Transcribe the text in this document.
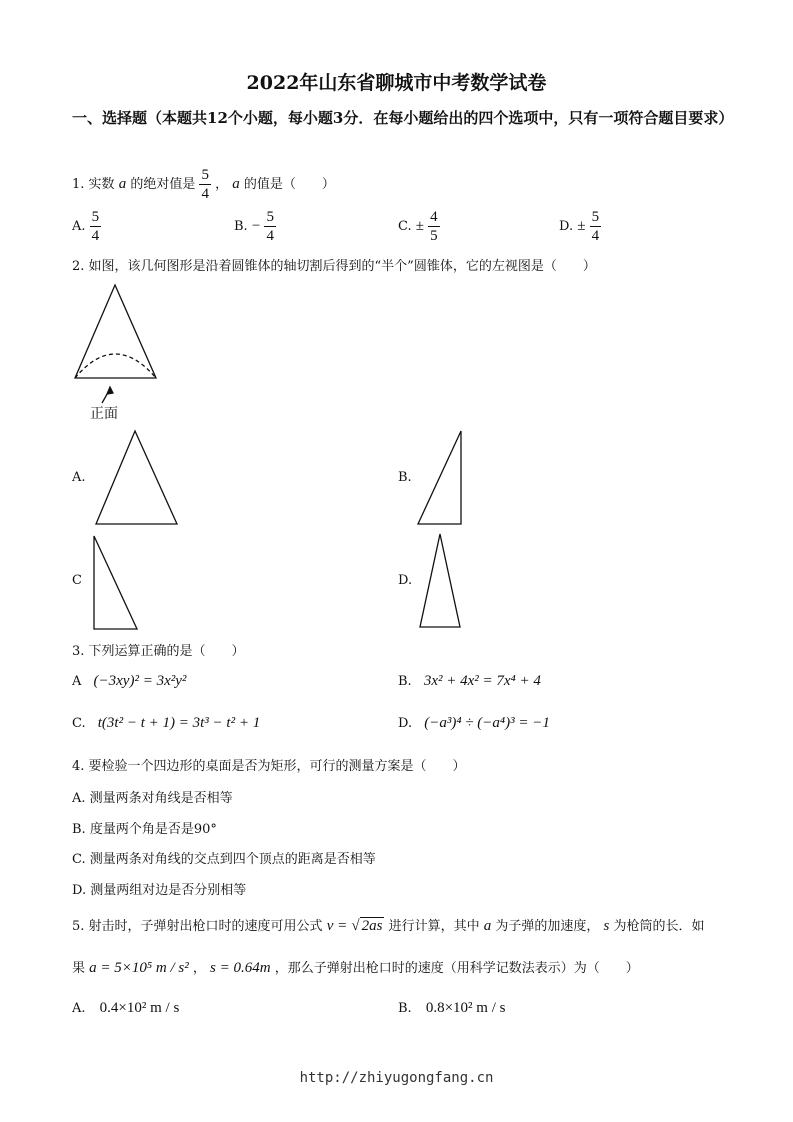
2022年山东省聊城市中考数学试卷
一、选择题（本题共12个小题，每小题3分．在每小题给出的四个选项中，只有一项符合题目要求）
1. 实数 a 的绝对值是 $\frac{5}{4}$ ， a 的值是（　　）
A. $\frac{5}{4}$	B. − $\frac{5}{4}$	C. ± $\frac{4}{5}$	D. ± $\frac{5}{4}$
2. 如图，该几何图形是沿着圆锥体的轴切割后得到的“半个”圆锥体，它的左视图是（　　）
正面
A.	B.
C	D.
3. 下列运算正确的是（　　）
A (−3xy)² = 3x²y²	B. 3x² + 4x² = 7x⁴ + 4
C. t(3t² − t + 1) = 3t³ − t² + 1	D. (−a³)⁴ ÷ (−a⁴)³ = −1
4. 要检验一个四边形的桌面是否为矩形，可行的测量方案是（　　）
A. 测量两条对角线是否相等
B. 度量两个角是否是90°
C. 测量两条对角线的交点到四个顶点的距离是否相等
D. 测量两组对边是否分别相等
5. 射击时，子弹射出枪口时的速度可用公式 v = √ 2as 进行计算，其中 a 为子弹的加速度， s 为枪筒的长．如
果 a = 5×10⁵ m / s² ， s = 0.64m ，那么子弹射出枪口时的速度（用科学记数法表示）为（　　）
A. 0.4×10² m / s	B. 0.8×10² m / s
http://zhiyugongfang.cn
